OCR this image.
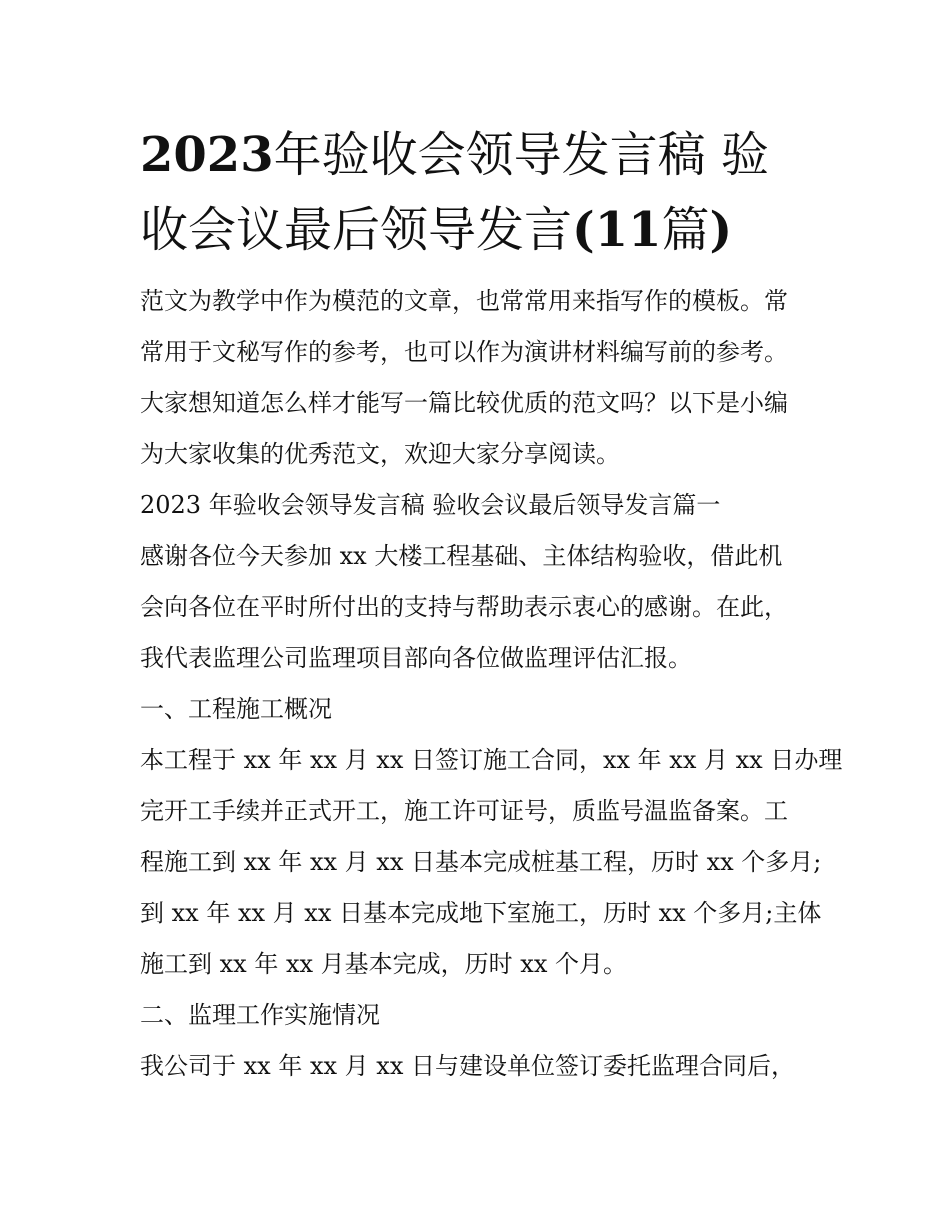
2023年验收会领导发言稿 验
收会议最后领导发言(11篇)

范文为教学中作为模范的文章，也常常用来指写作的模板。常
常用于文秘写作的参考，也可以作为演讲材料编写前的参考。
大家想知道怎么样才能写一篇比较优质的范文吗？以下是小编
为大家收集的优秀范文，欢迎大家分享阅读。

2023 年验收会领导发言稿 验收会议最后领导发言篇一

感谢各位今天参加 xx 大楼工程基础、主体结构验收，借此机
会向各位在平时所付出的支持与帮助表示衷心的感谢。在此，
我代表监理公司监理项目部向各位做监理评估汇报。

一、工程施工概况

本工程于 xx 年 xx 月 xx 日签订施工合同，xx 年 xx 月 xx 日办理
完开工手续并正式开工，施工许可证号，质监号温监备案。工
程施工到 xx 年 xx 月 xx 日基本完成桩基工程，历时 xx 个多月;
到 xx 年 xx 月 xx 日基本完成地下室施工，历时 xx 个多月;主体
施工到 xx 年 xx 月基本完成，历时 xx 个月。

二、监理工作实施情况

我公司于 xx 年 xx 月 xx 日与建设单位签订委托监理合同后，
